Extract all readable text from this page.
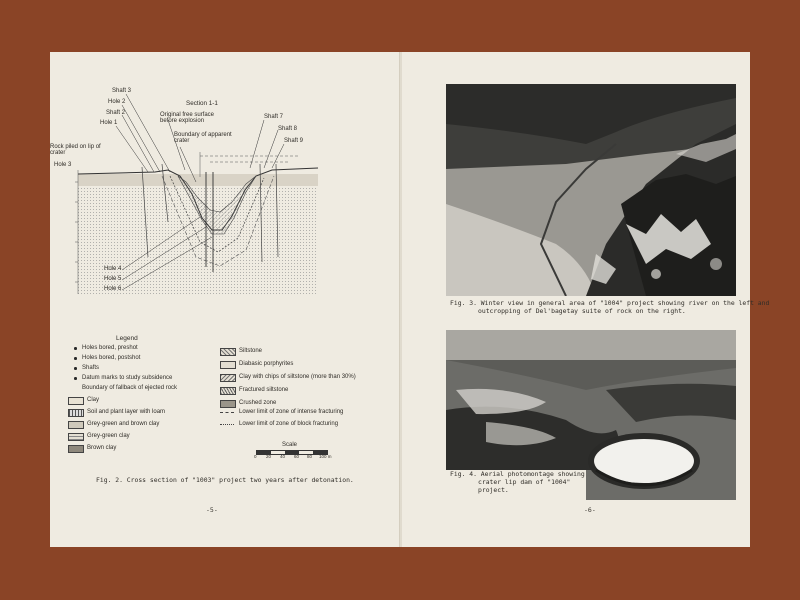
Section 1-1
Shaft 3
Hole 2
Shaft 2
Hole 1
Original free surface before explosion
Boundary of apparent crater
Rock piled on lip of crater
Hole 3
Shaft 7
Shaft 8
Shaft 9
Hole 4
Hole 5
Hole 6
Legend
Holes bored, preshot
Holes bored, postshot
Shafts
Datum marks to study subsidence
Boundary of fallback of ejected rock
Clay
Soil and plant layer with loam
Grey-green and brown clay
Grey-green clay
Brown clay
Siltstone
Diabasic porphyrites
Clay with chips of siltstone (more than 30%)
Fractured siltstone
Crushed zone
Lower limit of zone of intense fracturing
Lower limit of zone of block fracturing
Scale
0 20 40 60 80 100 m
Fig. 2. Cross section of "1003" project two years after detonation.
-5-
Fig. 3. Winter view in general area of "1004" project showing river on the left and
outcropping of Del'bagetay suite of rock on the right.
Fig. 4. Aerial photomontage showing
crater lip dam of "1004"
project.
-6-
